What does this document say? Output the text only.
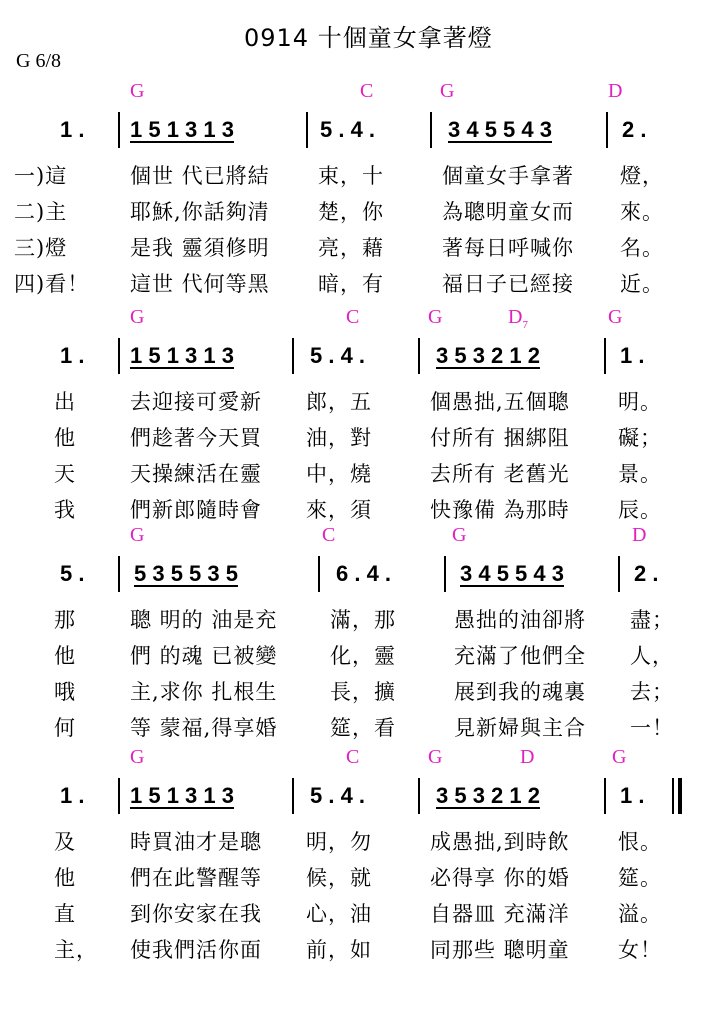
0914 十個童女拿著燈
G 6/8
G	C	G	D
1 . 1 5 1 3 1 3	5 . 4 .	3 4 5 5 4 3	2 .
一)這	個世 代已將結 束，十	個童女手拿著 燈，
二)主	耶穌,你話夠清 楚，你	為聰明童女而 來。
三)燈	是我 靈須修明 亮，藉	著每日呼喊你 名。
四)看！ 這世 代何等黑 暗，有	福日子已經接 近。
G	C	G	$D_7$	G
1 . 1 5 1 3 1 3	5 . 4 .	3 5 3 2 1 2	1 .
出	去迎接可愛新 郎，五	個愚拙,五個聰 明。
他	們趁著今天買 油，對	付所有 捆綁阻 礙；
天	天操練活在靈 中，燒	去所有 老舊光 景。
我	們新郎隨時會 來，須	快豫備 為那時 辰。
G	C	G	D
5 . 5 3 5 5 3 5	6 . 4 .	3 4 5 5 4 3	2 .
那	聰 明的 油是充	滿，那	愚拙的油卻將 盡；
他	們 的魂 已被變	化，靈	充滿了他們全 人，
哦	主,求你 扎根生	長，擴	展到我的魂裏 去；
何	等 蒙福,得享婚	筵，看	見新婦與主合 一！
G	C	G	D	G
1 . 1 5 1 3 1 3	5 . 4 .	3 5 3 2 1 2	1 .
及	時買油才是聰 明，勿	成愚拙,到時飲 恨。
他	們在此警醒等 候，就	必得享 你的婚 筵。
直	到你安家在我 心，油	自器皿 充滿洋 溢。
主， 使我們活你面 前，如	同那些 聰明童 女！
